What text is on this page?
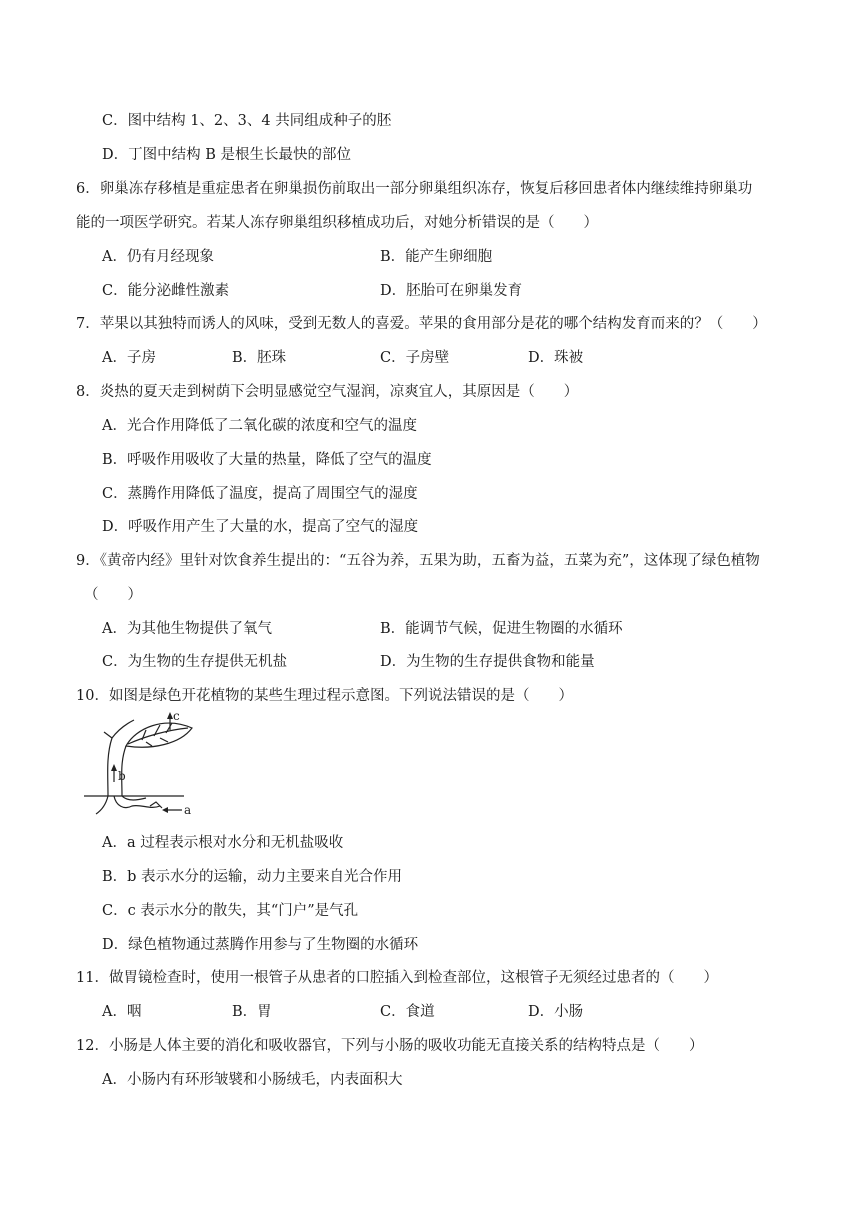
C．图中结构 1、2、3、4 共同组成种子的胚
D．丁图中结构 B 是根生长最快的部位
6．卵巢冻存移植是重症患者在卵巢损伤前取出一部分卵巢组织冻存，恢复后移回患者体内继续维持卵巢功
能的一项医学研究。若某人冻存卵巢组织移植成功后，对她分析错误的是（　　）
A．仍有月经现象	B．能产生卵细胞
C．能分泌雌性激素	D．胚胎可在卵巢发育
7．苹果以其独特而诱人的风味，受到无数人的喜爱。苹果的食用部分是花的哪个结构发育而来的？（　　）
A．子房	B．胚珠	C．子房壁	D．珠被
8．炎热的夏天走到树荫下会明显感觉空气湿润，凉爽宜人，其原因是（　　）
A．光合作用降低了二氧化碳的浓度和空气的温度
B．呼吸作用吸收了大量的热量，降低了空气的温度
C．蒸腾作用降低了温度，提高了周围空气的湿度
D．呼吸作用产生了大量的水，提高了空气的湿度
9．《黄帝内经》里针对饮食养生提出的：“五谷为养，五果为助，五畜为益，五菜为充”，这体现了绿色植物
（　　）
A．为其他生物提供了氧气	B．能调节气候，促进生物圈的水循环
C．为生物的生存提供无机盐	D．为生物的生存提供食物和能量
10．如图是绿色开花植物的某些生理过程示意图。下列说法错误的是（　　）
a
b
c
A．a 过程表示根对水分和无机盐吸收
B．b 表示水分的运输，动力主要来自光合作用
C．c 表示水分的散失，其“门户”是气孔
D．绿色植物通过蒸腾作用参与了生物圈的水循环
11．做胃镜检查时，使用一根管子从患者的口腔插入到检查部位，这根管子无须经过患者的（　　）
A．咽	B．胃	C．食道	D．小肠
12．小肠是人体主要的消化和吸收器官，下列与小肠的吸收功能无直接关系的结构特点是（　　）
A．小肠内有环形皱襞和小肠绒毛，内表面积大
